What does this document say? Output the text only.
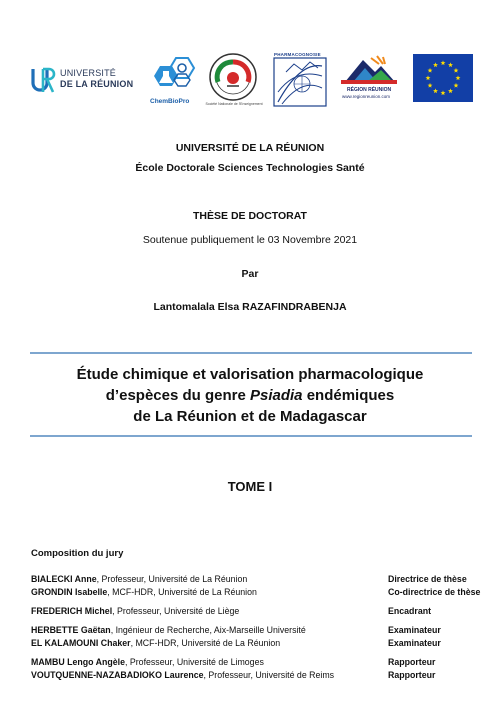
UNIVERSITÉ
DE LA RÉUNION
ChemBioPro	Société Nationale de l'Enseignement
PHARMACOGNOSIE
RÉGION RÉUNION
www.regionreunion.com
UNIVERSITÉ DE LA RÉUNION
École Doctorale Sciences Technologies Santé
THÈSE DE DOCTORAT
Soutenue publiquement le 03 Novembre 2021
Par
Lantomalala Elsa RAZAFINDRABENJA
Étude chimique et valorisation pharmacologique
d’espèces du genre Psiadia endémiques
de La Réunion et de Madagascar
TOME I
Composition du jury
BIALECKI Anne, Professeur, Université de La Réunion	Directrice de thèse
GRONDIN Isabelle, MCF-HDR, Université de La Réunion	Co-directrice de thèse
FREDERICH Michel, Professeur, Université de Liège	Encadrant
HERBETTE Gaëtan, Ingénieur de Recherche, Aix-Marseille Université	Examinateur
EL KALAMOUNI Chaker, MCF-HDR, Université de La Réunion	Examinateur
MAMBU Lengo Angèle, Professeur, Université de Limoges	Rapporteur
VOUTQUENNE-NAZABADIOKO Laurence, Professeur, Université de Reims	Rapporteur
